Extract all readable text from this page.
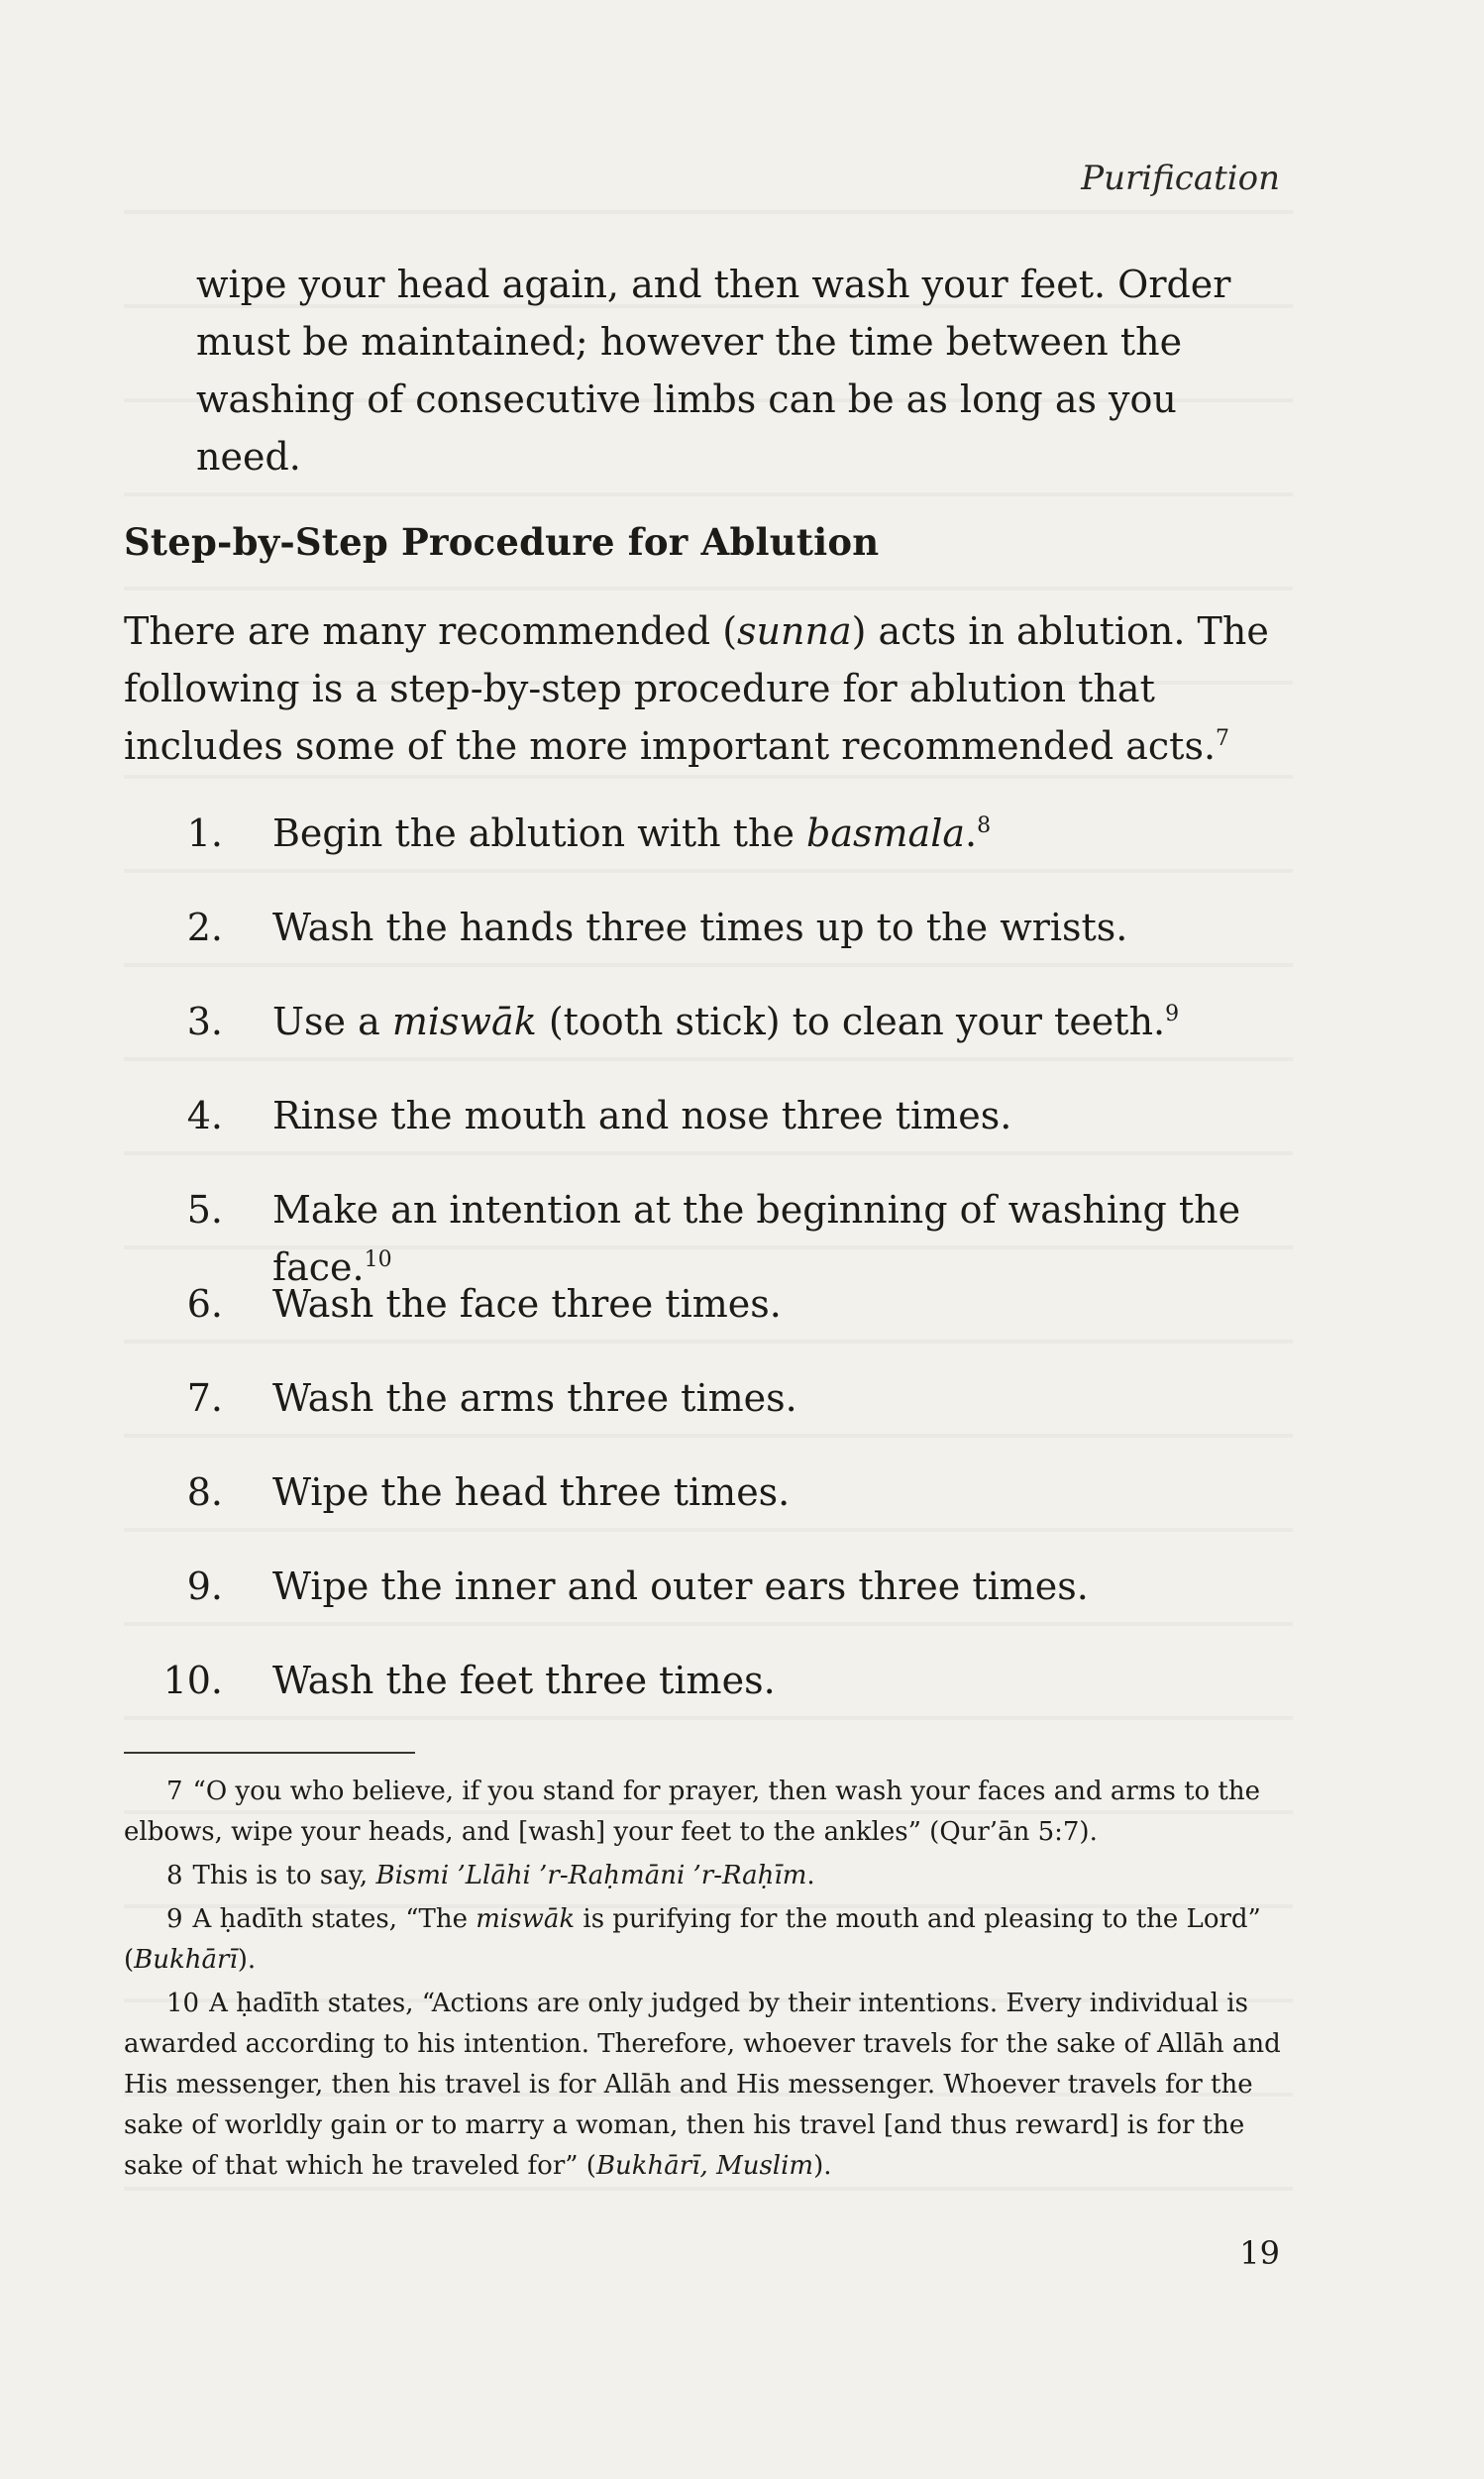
Purification
wipe your head again, and then wash your feet. Order must be maintained; however the time between the washing of consecutive limbs can be as long as you need.
Step-by-Step Procedure for Ablution
There are many recommended (sunna) acts in ablution. The following is a step-by-step procedure for ablution that includes some of the more important recommended acts.$^7$
1. Begin the ablution with the basmala.$^8$
2. Wash the hands three times up to the wrists.
3. Use a miswāk (tooth stick) to clean your teeth.$^9$
4. Rinse the mouth and nose three times.
5. Make an intention at the beginning of washing the face.$^{10}$
6. Wash the face three times.
7. Wash the arms three times.
8. Wipe the head three times.
9. Wipe the inner and outer ears three times.
10. Wash the feet three times.

7 “O you who believe, if you stand for prayer, then wash your faces and arms to the elbows, wipe your heads, and [wash] your feet to the ankles” (Qur’ān 5:7).

8 This is to say, Bismi ’Llāhi ’r-Raḥmāni ’r-Raḥīm.

9 A ḥadīth states, “The miswāk is purifying for the mouth and pleasing to the Lord” (Bukhārī).

10 A ḥadīth states, “Actions are only judged by their intentions. Every individual is awarded according to his intention. Therefore, whoever travels for the sake of Allāh and His messenger, then his travel is for Allāh and His messenger. Whoever travels for the sake of worldly gain or to marry a woman, then his travel [and thus reward] is for the sake of that which he traveled for” (Bukhārī, Muslim).

19
